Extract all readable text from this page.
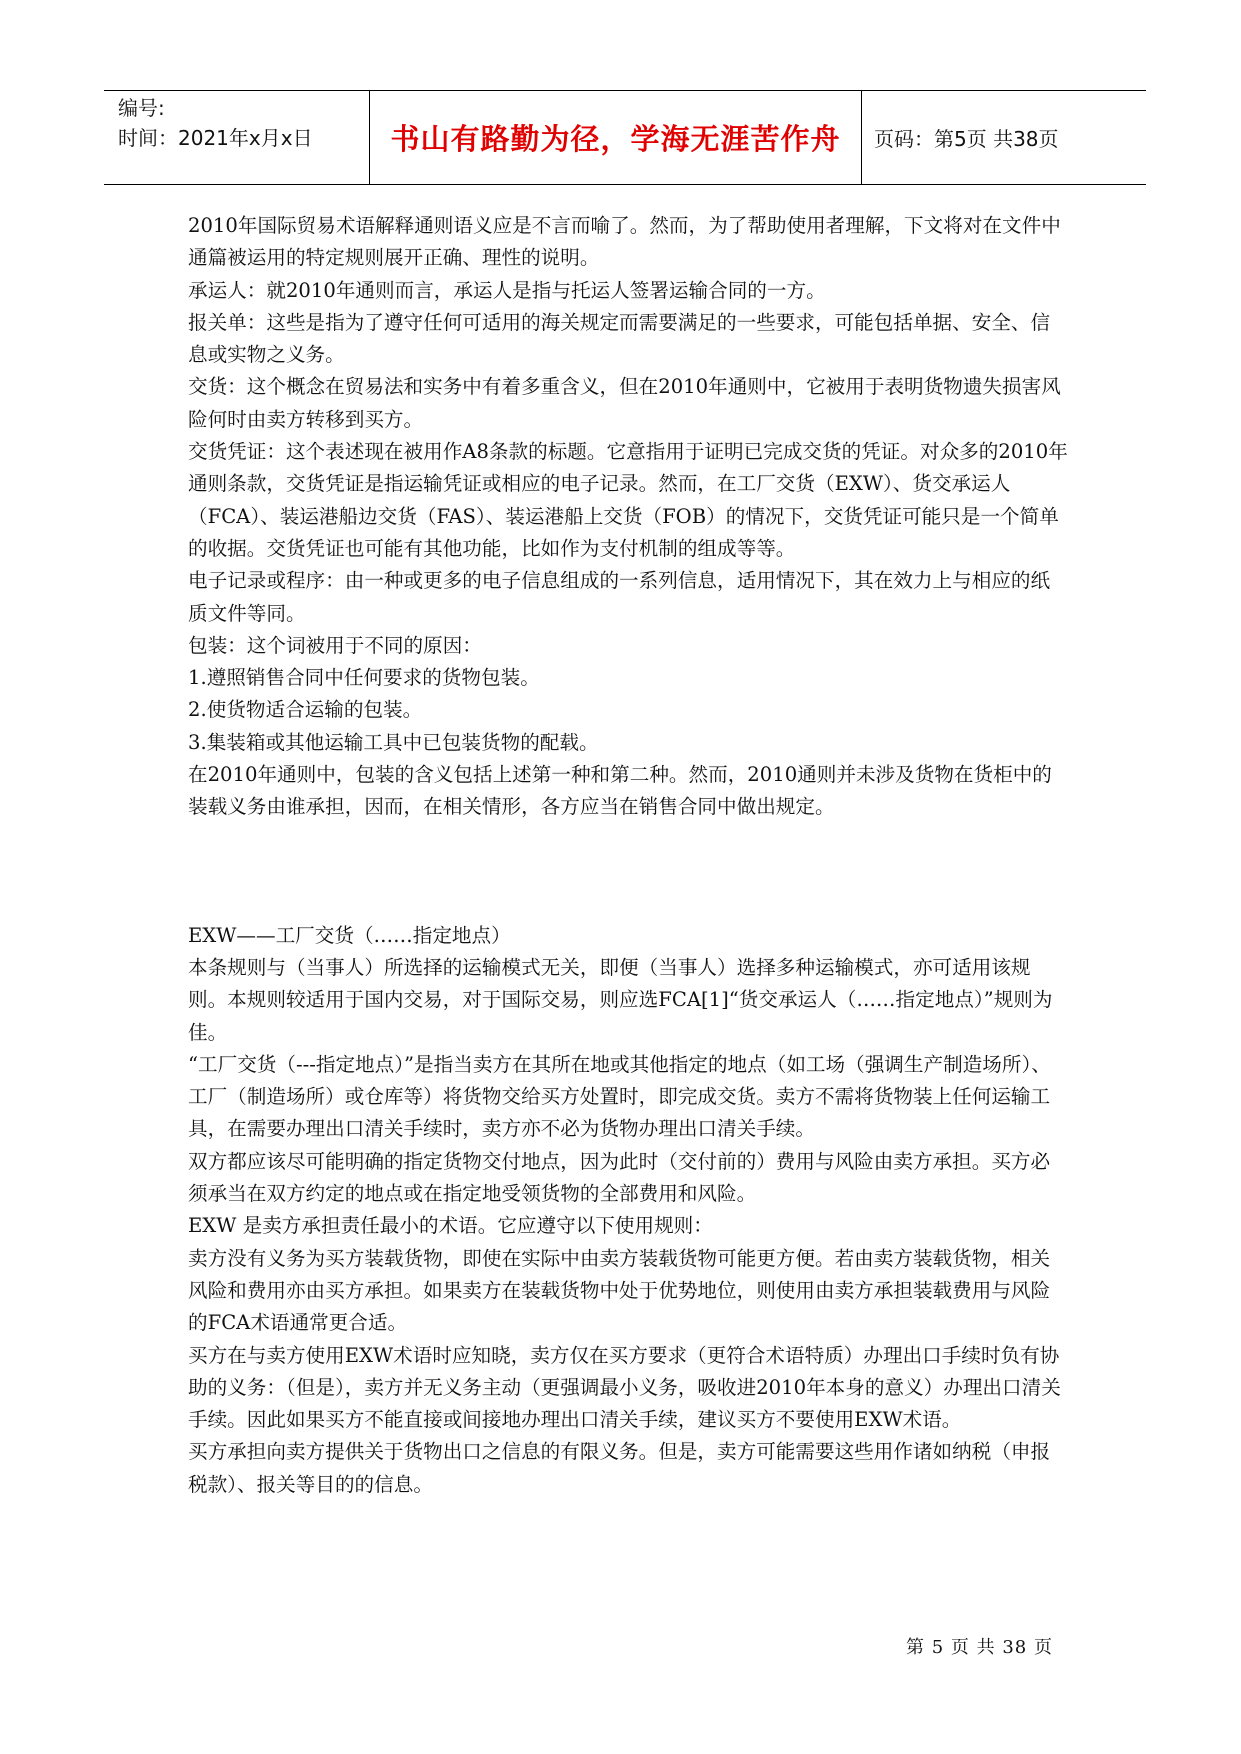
编号:
时间：2021年x月x日	书山有路勤为径，学海无涯苦作舟	页码：第5页 共38页

2010年国际贸易术语解释通则语义应是不言而喻了。然而，为了帮助使用者理解，下文将对在文件中通篇被运用的特定规则展开正确、理性的说明。

承运人：就2010年通则而言，承运人是指与托运人签署运输合同的一方。

报关单：这些是指为了遵守任何可适用的海关规定而需要满足的一些要求，可能包括单据、安全、信息或实物之义务。

交货：这个概念在贸易法和实务中有着多重含义，但在2010年通则中，它被用于表明货物遗失损害风险何时由卖方转移到买方。

交货凭证：这个表述现在被用作A8条款的标题。它意指用于证明已完成交货的凭证。对众多的2010年通则条款，交货凭证是指运输凭证或相应的电子记录。然而，在工厂交货（EXW）、货交承运人（FCA）、装运港船边交货（FAS）、装运港船上交货（FOB）的情况下，交货凭证可能只是一个简单的收据。交货凭证也可能有其他功能，比如作为支付机制的组成等等。

电子记录或程序：由一种或更多的电子信息组成的一系列信息，适用情况下，其在效力上与相应的纸质文件等同。

包装：这个词被用于不同的原因：

1.遵照销售合同中任何要求的货物包装。

2.使货物适合运输的包装。

3.集装箱或其他运输工具中已包装货物的配载。

在2010年通则中，包装的含义包括上述第一种和第二种。然而，2010通则并未涉及货物在货柜中的装载义务由谁承担，因而，在相关情形，各方应当在销售合同中做出规定。

EXW——工厂交货（……指定地点）

本条规则与（当事人）所选择的运输模式无关，即便（当事人）选择多种运输模式，亦可适用该规则。本规则较适用于国内交易，对于国际交易，则应选FCA[1]“货交承运人（……指定地点）”规则为佳。

“工厂交货（---指定地点）”是指当卖方在其所在地或其他指定的地点（如工场（强调生产制造场所）、工厂（制造场所）或仓库等）将货物交给买方处置时，即完成交货。卖方不需将货物装上任何运输工具，在需要办理出口清关手续时，卖方亦不必为货物办理出口清关手续。

双方都应该尽可能明确的指定货物交付地点，因为此时（交付前的）费用与风险由卖方承担。买方必须承当在双方约定的地点或在指定地受领货物的全部费用和风险。

EXW 是卖方承担责任最小的术语。它应遵守以下使用规则：

卖方没有义务为买方装载货物，即使在实际中由卖方装载货物可能更方便。若由卖方装载货物，相关风险和费用亦由买方承担。如果卖方在装载货物中处于优势地位，则使用由卖方承担装载费用与风险的FCA术语通常更合适。

买方在与卖方使用EXW术语时应知晓，卖方仅在买方要求（更符合术语特质）办理出口手续时负有协助的义务：（但是），卖方并无义务主动（更强调最小义务，吸收进2010年本身的意义）办理出口清关手续。因此如果买方不能直接或间接地办理出口清关手续，建议买方不要使用EXW术语。

买方承担向卖方提供关于货物出口之信息的有限义务。但是，卖方可能需要这些用作诸如纳税（申报税款）、报关等目的的信息。

第 5 页 共 38 页
